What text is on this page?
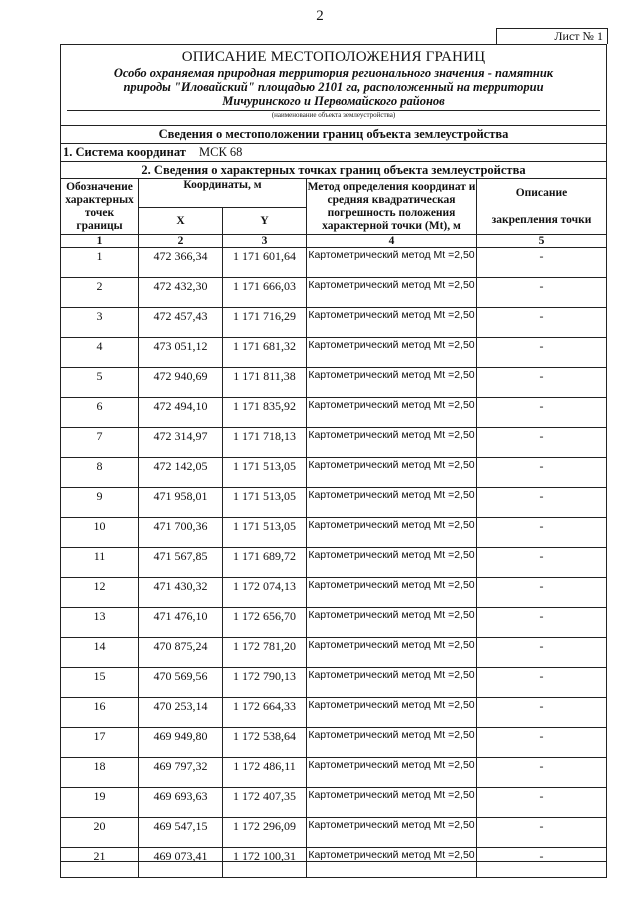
2
Лист № 1
ОПИСАНИЕ МЕСТОПОЛОЖЕНИЯ ГРАНИЦ
Особо охраняемая природная территория регионального значения - памятник природы "Иловайский" площадью 2101 га, расположенный на территории Мичуринского и Первомайского районов
(наименование объекта землеустройства)
Сведения о местоположении границ объекта землеустройства
1. Система координат МСК 68
2. Сведения о характерных точках границ объекта землеустройства
Обозначение характерных точек границы	Координаты, м		Метод определения координат и средняя квадратическая погрешность положения характерной точки (Mt), м	Описание
закрепления точки

	X	Y		
1	2	3	4	5
1	472 366,34	1 171 601,64	Картометрический метод Mt =2,50	-
2	472 432,30	1 171 666,03	Картометрический метод Mt =2,50	-
3	472 457,43	1 171 716,29	Картометрический метод Mt =2,50	-
4	473 051,12	1 171 681,32	Картометрический метод Mt =2,50	-
5	472 940,69	1 171 811,38	Картометрический метод Mt =2,50	-
6	472 494,10	1 171 835,92	Картометрический метод Mt =2,50	-
7	472 314,97	1 171 718,13	Картометрический метод Mt =2,50	-
8	472 142,05	1 171 513,05	Картометрический метод Mt =2,50	-
9	471 958,01	1 171 513,05	Картометрический метод Mt =2,50	-
10	471 700,36	1 171 513,05	Картометрический метод Mt =2,50	-
11	471 567,85	1 171 689,72	Картометрический метод Mt =2,50	-
12	471 430,32	1 172 074,13	Картометрический метод Mt =2,50	-
13	471 476,10	1 172 656,70	Картометрический метод Mt =2,50	-
14	470 875,24	1 172 781,20	Картометрический метод Mt =2,50	-
15	470 569,56	1 172 790,13	Картометрический метод Mt =2,50	-
16	470 253,14	1 172 664,33	Картометрический метод Mt =2,50	-
17	469 949,80	1 172 538,64	Картометрический метод Mt =2,50	-
18	469 797,32	1 172 486,11	Картометрический метод Mt =2,50	-
19	469 693,63	1 172 407,35	Картометрический метод Mt =2,50	-
20	469 547,15	1 172 296,09	Картометрический метод Mt =2,50	-
21	469 073,41	1 172 100,31	Картометрический метод Mt =2,50	-
